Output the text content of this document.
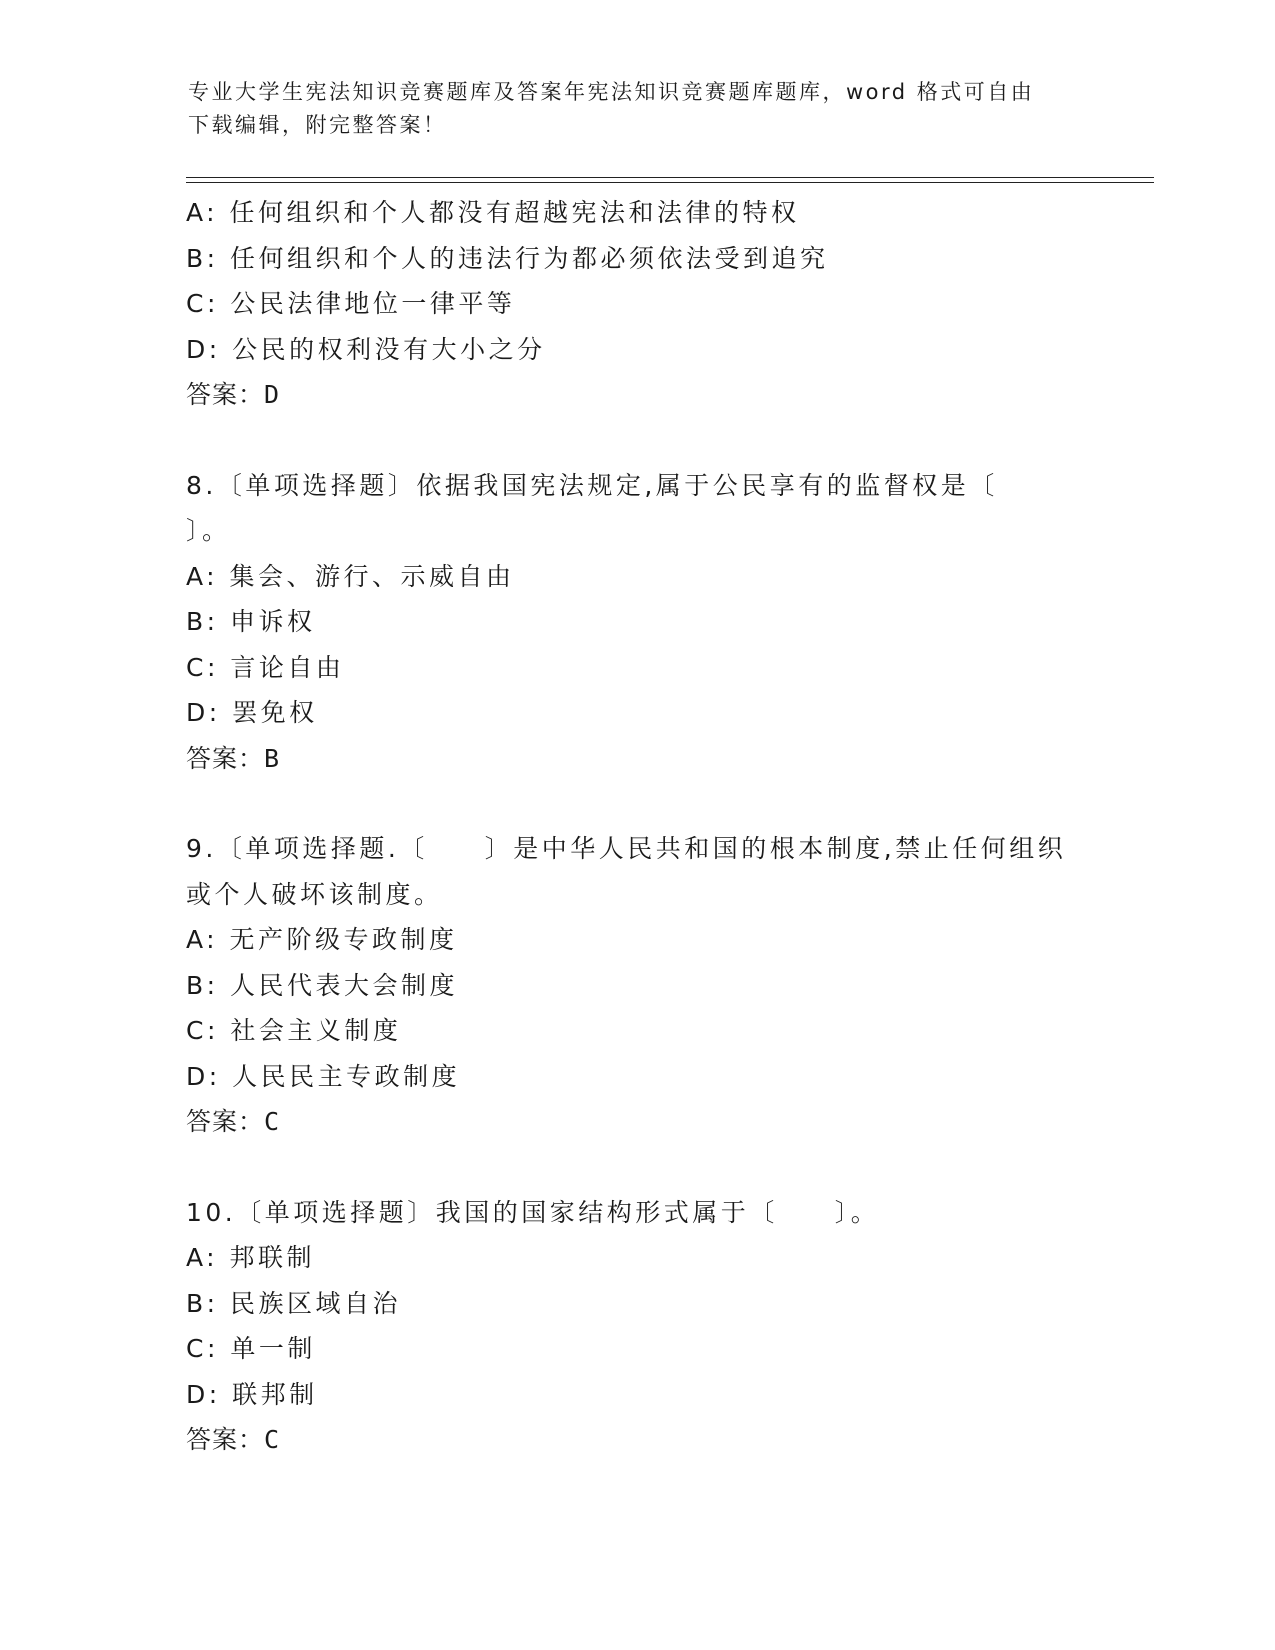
专业大学生宪法知识竞赛题库及答案年宪法知识竞赛题库题库，word 格式可自由
下载编辑，附完整答案！
A: 任何组织和个人都没有超越宪法和法律的特权
B: 任何组织和个人的违法行为都必须依法受到追究
C: 公民法律地位一律平等
D: 公民的权利没有大小之分
答案：D
8.〔单项选择题〕依据我国宪法规定,属于公民享有的监督权是〔
〕。
A: 集会、游行、示威自由
B: 申诉权
C: 言论自由
D: 罢免权
答案：B
9.〔单项选择题.〔　　〕是中华人民共和国的根本制度,禁止任何组织
或个人破坏该制度。
A: 无产阶级专政制度
B: 人民代表大会制度
C: 社会主义制度
D: 人民民主专政制度
答案：C
10.〔单项选择题〕我国的国家结构形式属于〔　　〕。
A: 邦联制
B: 民族区域自治
C: 单一制
D: 联邦制
答案：C
